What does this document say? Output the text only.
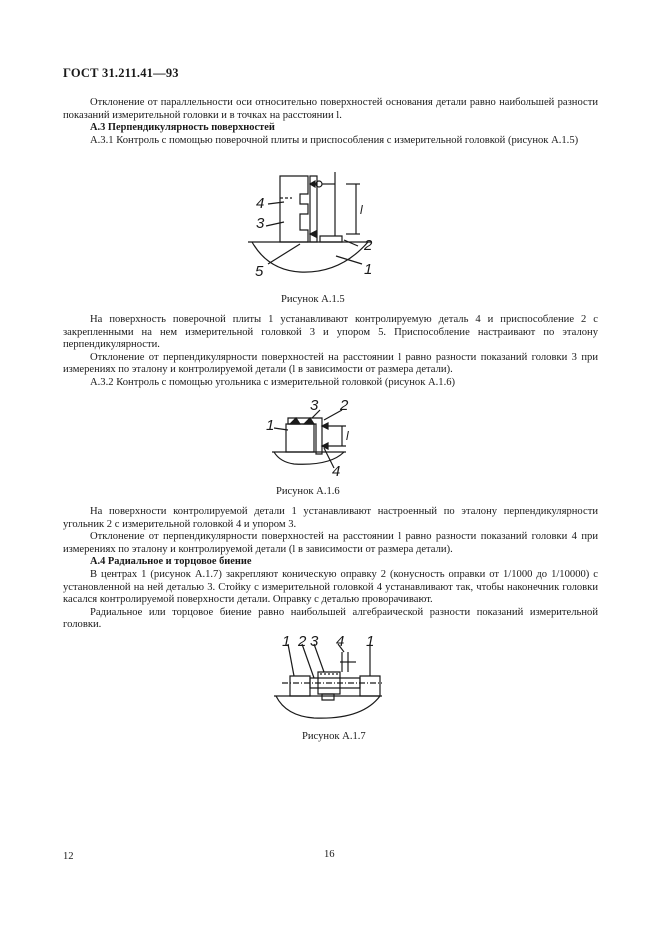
ГОСТ 31.211.41—93

Отклонение от параллельности оси относительно поверхностей основания детали равно наибольшей разности показаний измерительной головки и в точках на расстоянии l.

А.3 Перпендикулярность поверхностей

А.3.1 Контроль с помощью поверочной плиты и приспособления с измерительной головкой (рисунок А.1.5)

4
3
5
2
1
l
Рисунок А.1.5

На поверхность поверочной плиты 1 устанавливают контролируемую деталь 4 и приспособление 2 с закрепленными на нем измерительной головкой 3 и упором 5. Приспособление настраивают по эталону перпендикулярности.

Отклонение от перпендикулярности поверхностей на расстоянии l равно разности показаний головки 3 при измерениях по эталону и контролируемой детали (l в зависимости от размера детали).

А.3.2 Контроль с помощью угольника с измерительной головкой (рисунок А.1.6)

3 2
1
4
l
Рисунок А.1.6

На поверхности контролируемой детали 1 устанавливают настроенный по эталону перпендикулярности угольник 2 с измерительной головкой 4 и упором 3.

Отклонение от перпендикулярности поверхностей на расстоянии l равно разности показаний головки 4 при измерениях по эталону и контролируемой детали (l в зависимости от размера детали).

А.4 Радиальное и торцовое биение

В центрах 1 (рисунок А.1.7) закрепляют коническую оправку 2 (конусность оправки от 1/1000 до 1/10000) с установленной на ней деталью 3. Стойку с измерительной головкой 4 устанавливают так, чтобы наконечник головки касался контролируемой поверхности детали. Оправку с деталью проворачивают.

Радиальное или торцовое биение равно наибольшей алгебраической разности показаний измерительной головки.

1 2 3 4 1
Рисунок А.1.7
12	16
